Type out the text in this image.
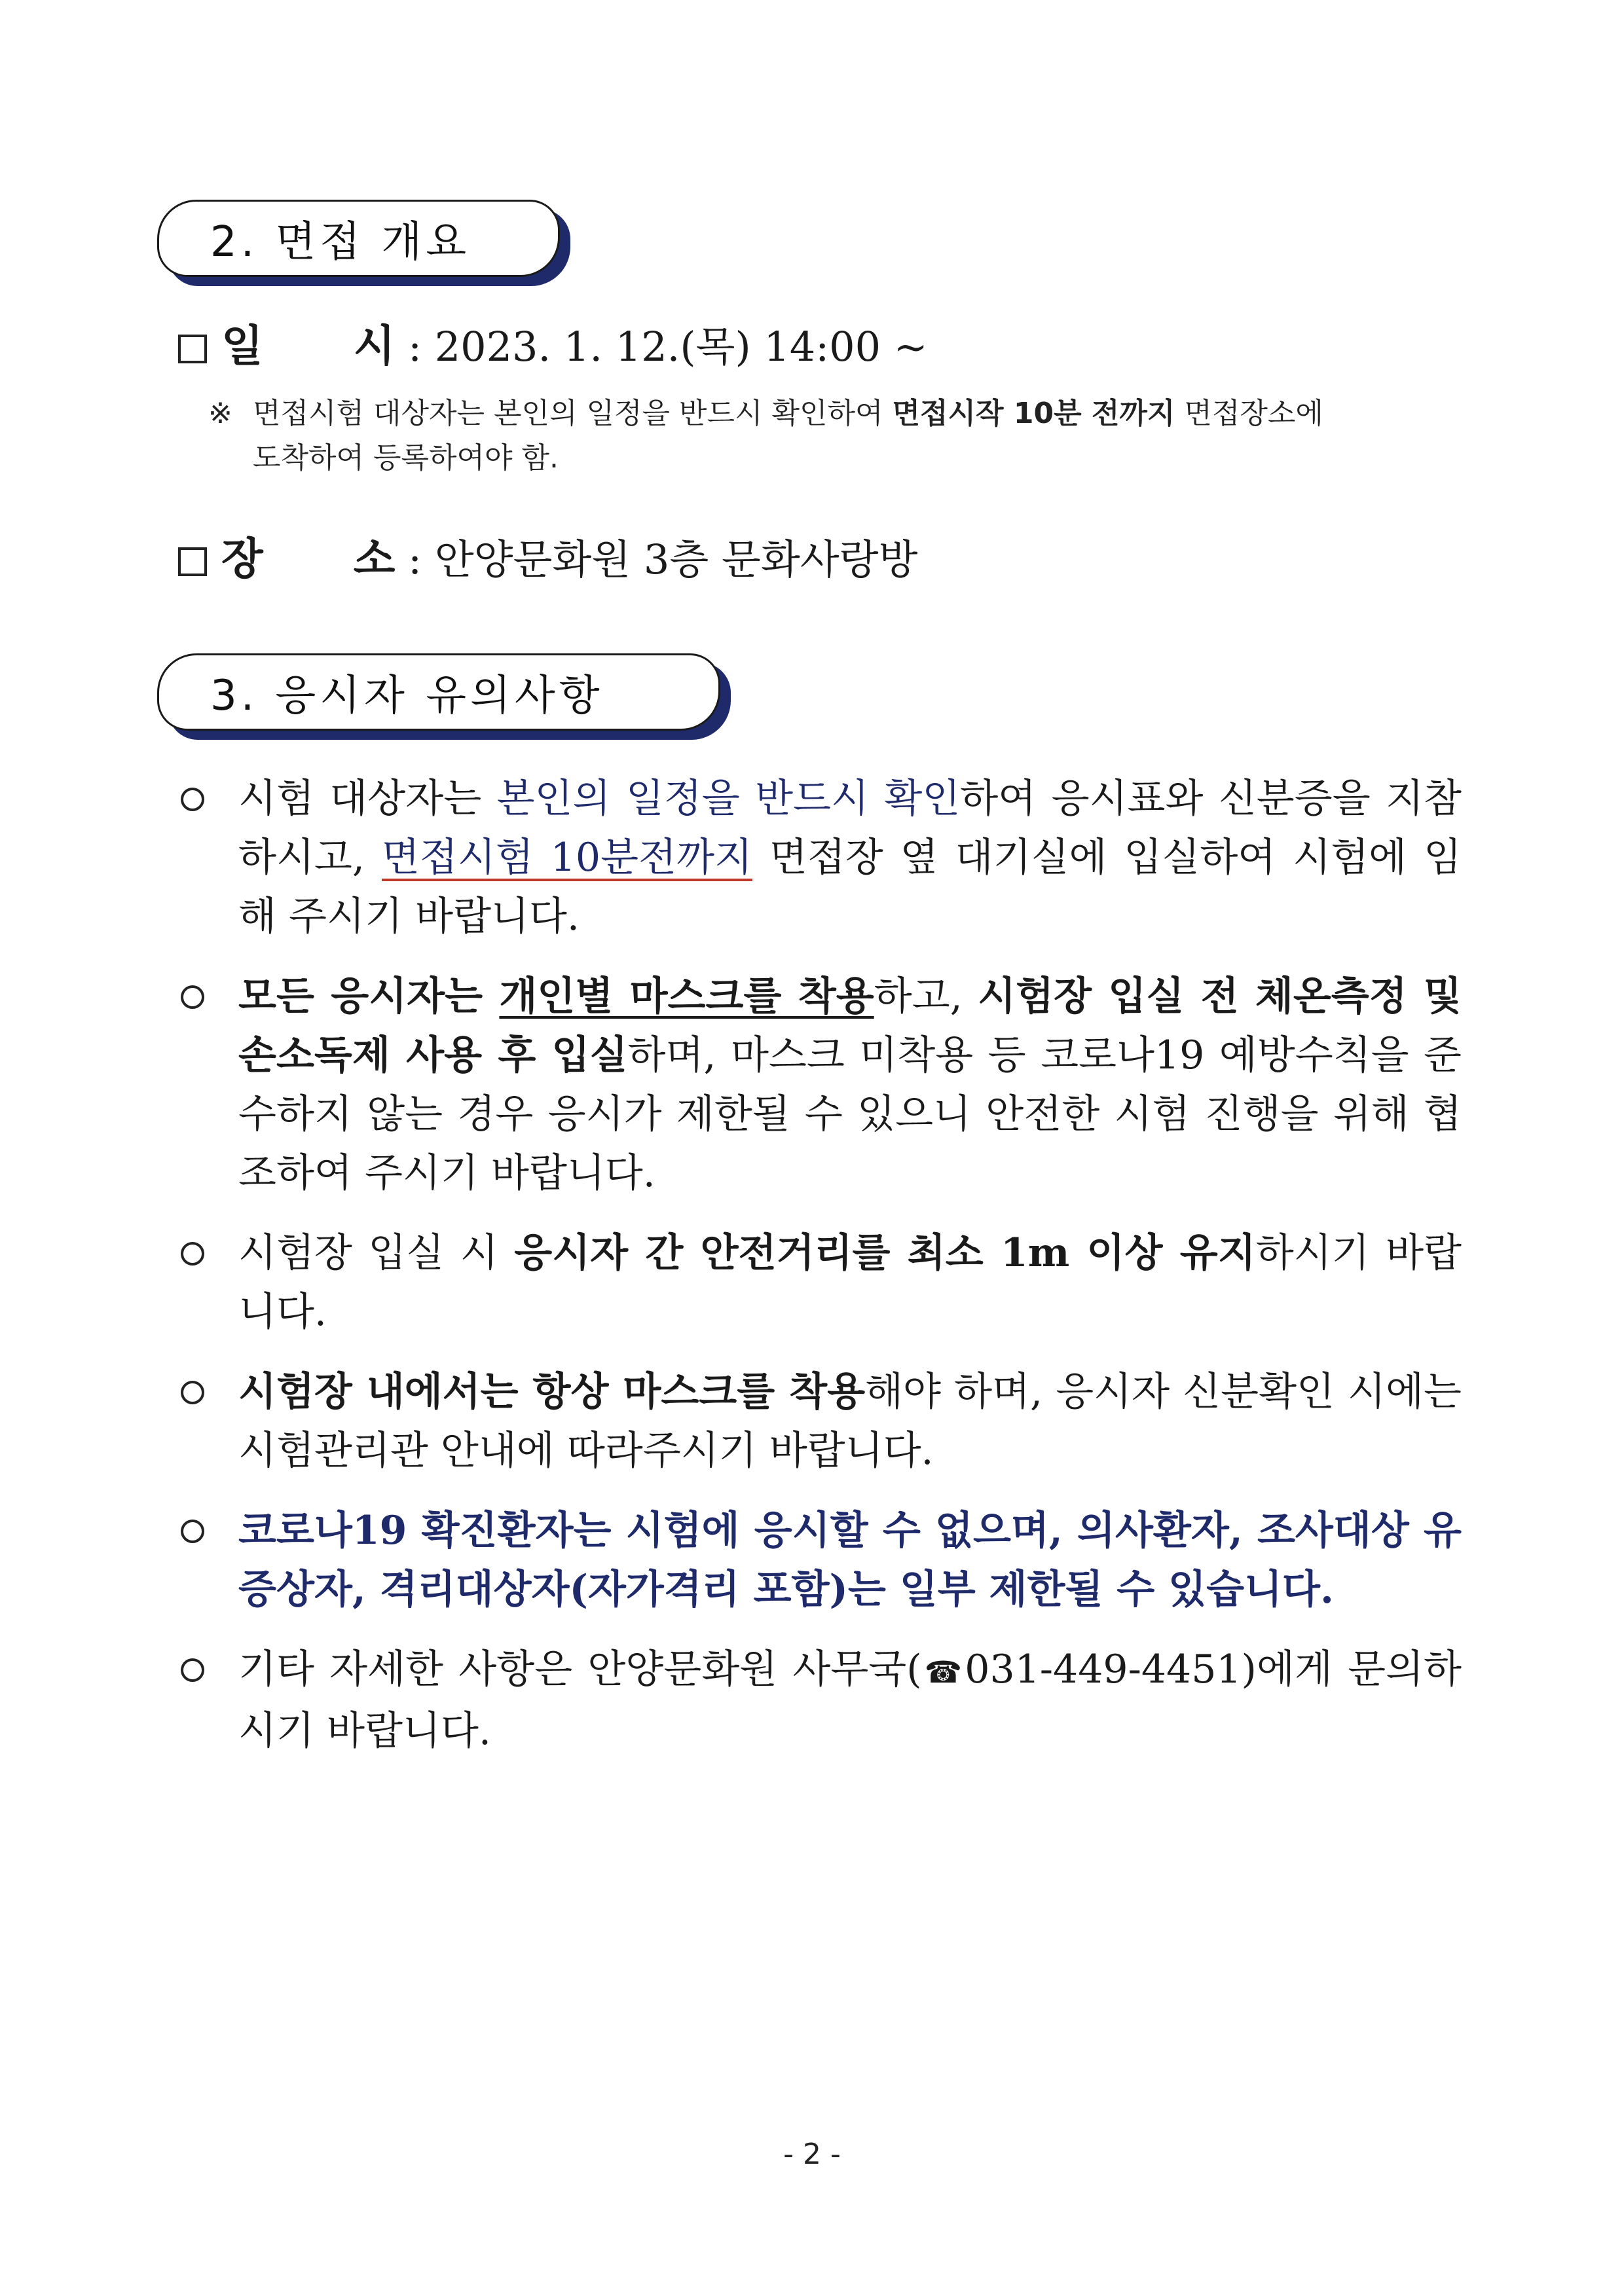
2. 면접 개요
일      시 : 2023. 1. 12.(목) 14:00 ~
※ 면접시험 대상자는 본인의 일정을 반드시 확인하여 면접시작 10분 전까지 면접장소에
도착하여 등록하여야 함.
장      소 : 안양문화원 3층 문화사랑방
3. 응시자 유의사항
시험 대상자는 본인의 일정을 반드시 확인하여 응시표와 신분증을 지참하시고, 면접시험 10분전까지 면접장 옆 대기실에 입실하여 시험에 임해 주시기 바랍니다.
모든 응시자는 개인별 마스크를 착용하고, 시험장 입실 전 체온측정 및 손소독제 사용 후 입실하며, 마스크 미착용 등 코로나19 예방수칙을 준수하지 않는 경우 응시가 제한될 수 있으니 안전한 시험 진행을 위해 협조하여 주시기 바랍니다.
시험장 입실 시 응시자 간 안전거리를 최소 1m 이상 유지하시기 바랍니다.
시험장 내에서는 항상 마스크를 착용해야 하며, 응시자 신분확인 시에는 시험관리관 안내에 따라주시기 바랍니다.
코로나19 확진환자는 시험에 응시할 수 없으며, 의사환자, 조사대상 유증상자, 격리대상자(자가격리 포함)는 일부 제한될 수 있습니다.
기타 자세한 사항은 안양문화원 사무국(☎031-449-4451)에게 문의하시기 바랍니다.
- 2 -
